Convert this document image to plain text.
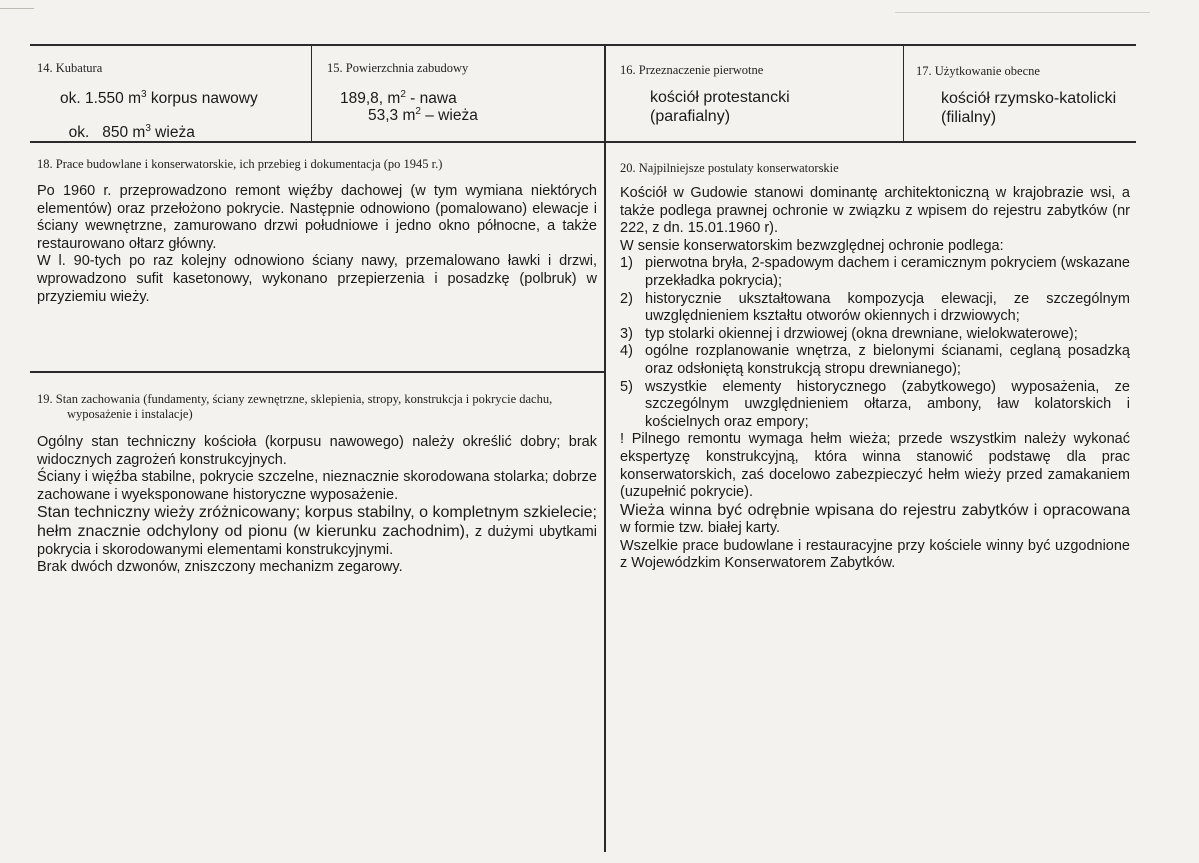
14. Kubatura
ok. 1.550 $m^3$ korpus nawowy

ok.   850 $m^3$ wieża

15. Powierzchnia zabudowy
189,8, $m^2$ - nawa
53,3 $m^2$ – wieża
16. Przeznaczenie pierwotne
kościół protestancki
(parafialny)
17. Użytkowanie obecne
kościół rzymsko-katolicki
(filialny)
18. Prace budowlane i konserwatorskie, ich przebieg i dokumentacja (po 1945 r.)

Po 1960 r. przeprowadzono remont więźby dachowej (w tym wymiana niektórych elementów) oraz przełożono pokrycie. Następnie odnowiono (pomalowano) elewacje i ściany wewnętrzne, zamurowano drzwi południowe i jedno okno północne, a także restaurowano ołtarz główny.

W l. 90-tych po raz kolejny odnowiono ściany nawy, przemalowano ławki i drzwi, wprowadzono sufit kasetonowy, wykonano przepierzenia i posadzkę (polbruk) w przyziemiu wieży.

19. Stan zachowania (fundamenty, ściany zewnętrzne, sklepienia, stropy, konstrukcja i pokrycie dachu, wyposażenie i instalacje)

Ogólny stan techniczny kościoła (korpusu nawowego) należy określić dobry; brak widocznych zagrożeń konstrukcyjnych.

Ściany i więźba stabilne, pokrycie szczelne, nieznacznie skorodowana stolarka; dobrze zachowane i wyeksponowane historyczne wyposażenie.

Stan techniczny wieży zróżnicowany; korpus stabilny, o kompletnym szkielecie; hełm znacznie odchylony od pionu (w kierunku zachodnim), z dużymi ubytkami pokrycia i skorodowanymi elementami konstrukcyjnymi.

Brak dwóch dzwonów, zniszczony mechanizm zegarowy.

20. Najpilniejsze postulaty konserwatorskie

Kościół w Gudowie stanowi dominantę architektoniczną w krajobrazie wsi, a także podlega prawnej ochronie w związku z wpisem do rejestru zabytków (nr 222, z dn. 15.01.1960 r).

W sensie konserwatorskim bezwzględnej ochronie podlega:

1) pierwotna bryła, 2-spadowym dachem i ceramicznym pokryciem (wskazane przekładka pokrycia);
2) historycznie ukształtowana kompozycja elewacji, ze szczególnym uwzględnieniem kształtu otworów okiennych i drzwiowych;
3) typ stolarki okiennej i drzwiowej (okna drewniane, wielokwaterowe);
4) ogólne rozplanowanie wnętrza, z bielonymi ścianami, ceglaną posadzką oraz odsłoniętą konstrukcją stropu drewnianego);
5) wszystkie elementy historycznego (zabytkowego) wyposażenia, ze szczególnym uwzględnieniem ołtarza, ambony, ław kolatorskich i kościelnych oraz empory;

! Pilnego remontu wymaga hełm wieża; przede wszystkim należy wykonać ekspertyzę konstrukcyjną, która winna stanowić podstawę dla prac konserwatorskich, zaś docelowo zabezpieczyć hełm wieży przed zamakaniem (uzupełnić pokrycie).

Wieża winna być odrębnie wpisana do rejestru zabytków i opracowana w formie tzw. białej karty.

Wszelkie prace budowlane i restauracyjne przy kościele winny być uzgodnione z Wojewódzkim Konserwatorem Zabytków.
